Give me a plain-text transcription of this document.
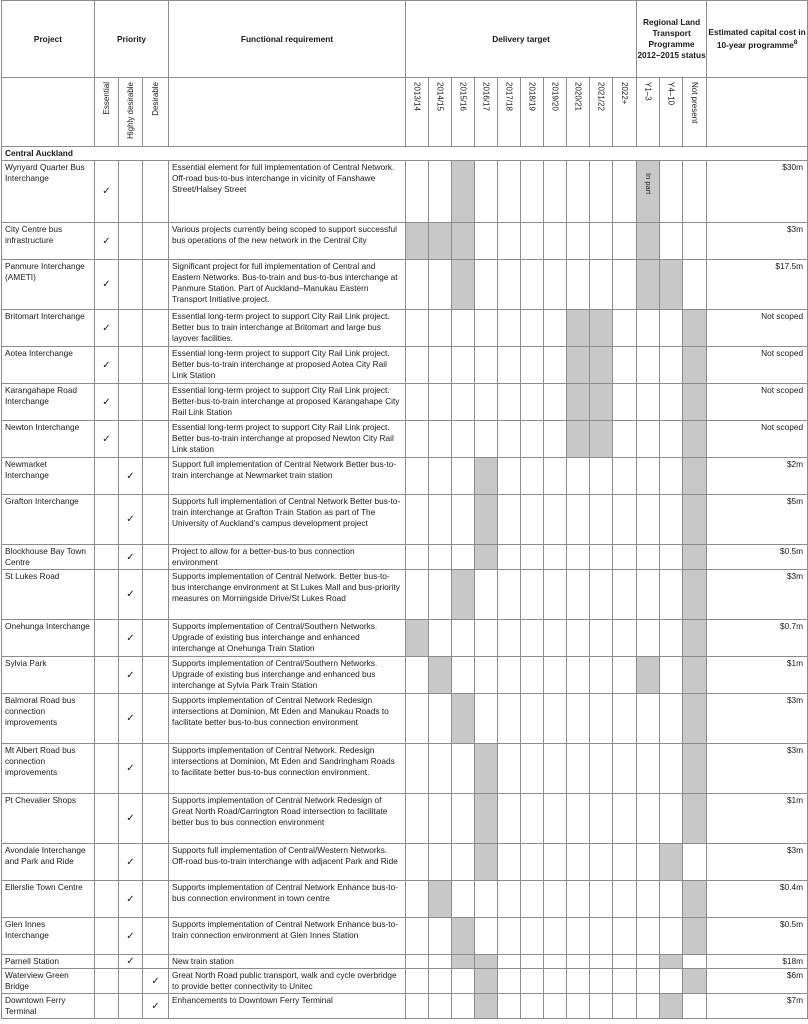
Project	Priority			Functional requirement	Delivery target										Regional Land Transport Programme 2012–2015 status			Estimated capital cost in 10-year programme$^8$

	Essential	Highly desirable	Desirable		2013/14	2014/15	2015/16	2016/17	2017/18	2018/19	2019/20	2020/21	2021/22	2022+	Y1–3	Y4–10	Not present	

Central Auckland																		
Wynyard Quarter Bus Interchange	✓			Essential element for full implementation of Central Network. Off-road bus-to-bus interchange in vicinity of Fanshawe Street/Halsey Street											In part			$30m
City Centre bus infrastructure	✓			Various projects currently being scoped to support successful bus operations of the new network in the Central City														$3m
Panmure Interchange (AMETI)	✓			Significant project for full implementation of Central and Eastern Networks. Bus-to-train and bus-to-bus interchange at Panmure Station. Part of Auckland–Manukau Eastern Transport Initiative project.														$17.5m
Britomart Interchange	✓			Essential long-term project to support City Rail Link project. Better bus to train interchange at Britomart and large bus layover facilities.														Not scoped
Aotea Interchange	✓			Essential long-term project to support City Rail Link project. Better bus-to-train interchange at proposed Aotea City Rail Link Station														Not scoped
Karangahape Road Interchange	✓			Essential long-term project to support City Rail Link project. Better-bus-to-train interchange at proposed Karangahape City Rail Link Station														Not scoped
Newton Interchange	✓			Essential long-term project to support City Rail Link project. Better bus-to-train interchange at proposed Newton City Rail Link station														Not scoped
Newmarket Interchange		✓		Support full implementation of Central Network Better bus-to-train interchange at Newmarket train station														$2m
Grafton Interchange		✓		Supports full implementation of Central Network Better bus-to-train interchange at Grafton Train Station as part of The University of Auckland’s campus development project														$5m
Blockhouse Bay Town Centre		✓		Project to allow for a better-bus-to bus connection environment														$0.5m
St Lukes Road		✓		Supports implementation of Central Network. Better bus-to-bus interchange environment at St Lukes Mall and bus-priority measures on Morningside Drive/St Lukes Road														$3m
Onehunga Interchange		✓		Supports implementation of Central/Southern Networks. Upgrade of existing bus interchange and enhanced interchange at Onehunga Train Station														$0.7m
Sylvia Park		✓		Supports implementation of Central/Southern Networks. Upgrade of existing bus interchange and enhanced bus interchange at Sylvia Park Train Station														$1m
Balmoral Road bus connection improvements		✓		Supports implementation of Central Network Redesign intersections at Dominion, Mt Eden and Manukau Roads to facilitate better bus-to-bus connection environment														$3m
Mt Albert Road bus connection improvements		✓		Supports implementation of Central Network. Redesign intersections at Dominion, Mt Eden and Sandringham Roads to facilitate better bus-to-bus connection environment.														$3m
Pt Chevalier Shops		✓		Supports implementation of Central Network Redesign of Great North Road/Carrington Road intersection to facilitate better bus to bus connection environment														$1m
Avondale Interchange and Park and Ride		✓		Supports full implementation of Central/Western Networks. Off-road bus-to-train interchange with adjacent Park and Ride														$3m
Ellerslie Town Centre		✓		Supports implementation of Central Network Enhance bus-to-bus connection environment in town centre														$0.4m
Glen Innes Interchange		✓		Supports implementation of Central Network Enhance bus-to-train connection environment at Glen Innes Station														$0.5m
Parnell Station		✓		New train station														$18m
Waterview Green Bridge			✓	Great North Road public transport, walk and cycle overbridge to provide better connectivity to Unitec														$6m
Downtown Ferry Terminal			✓	Enhancements to Downtown Ferry Terminal														$7m
